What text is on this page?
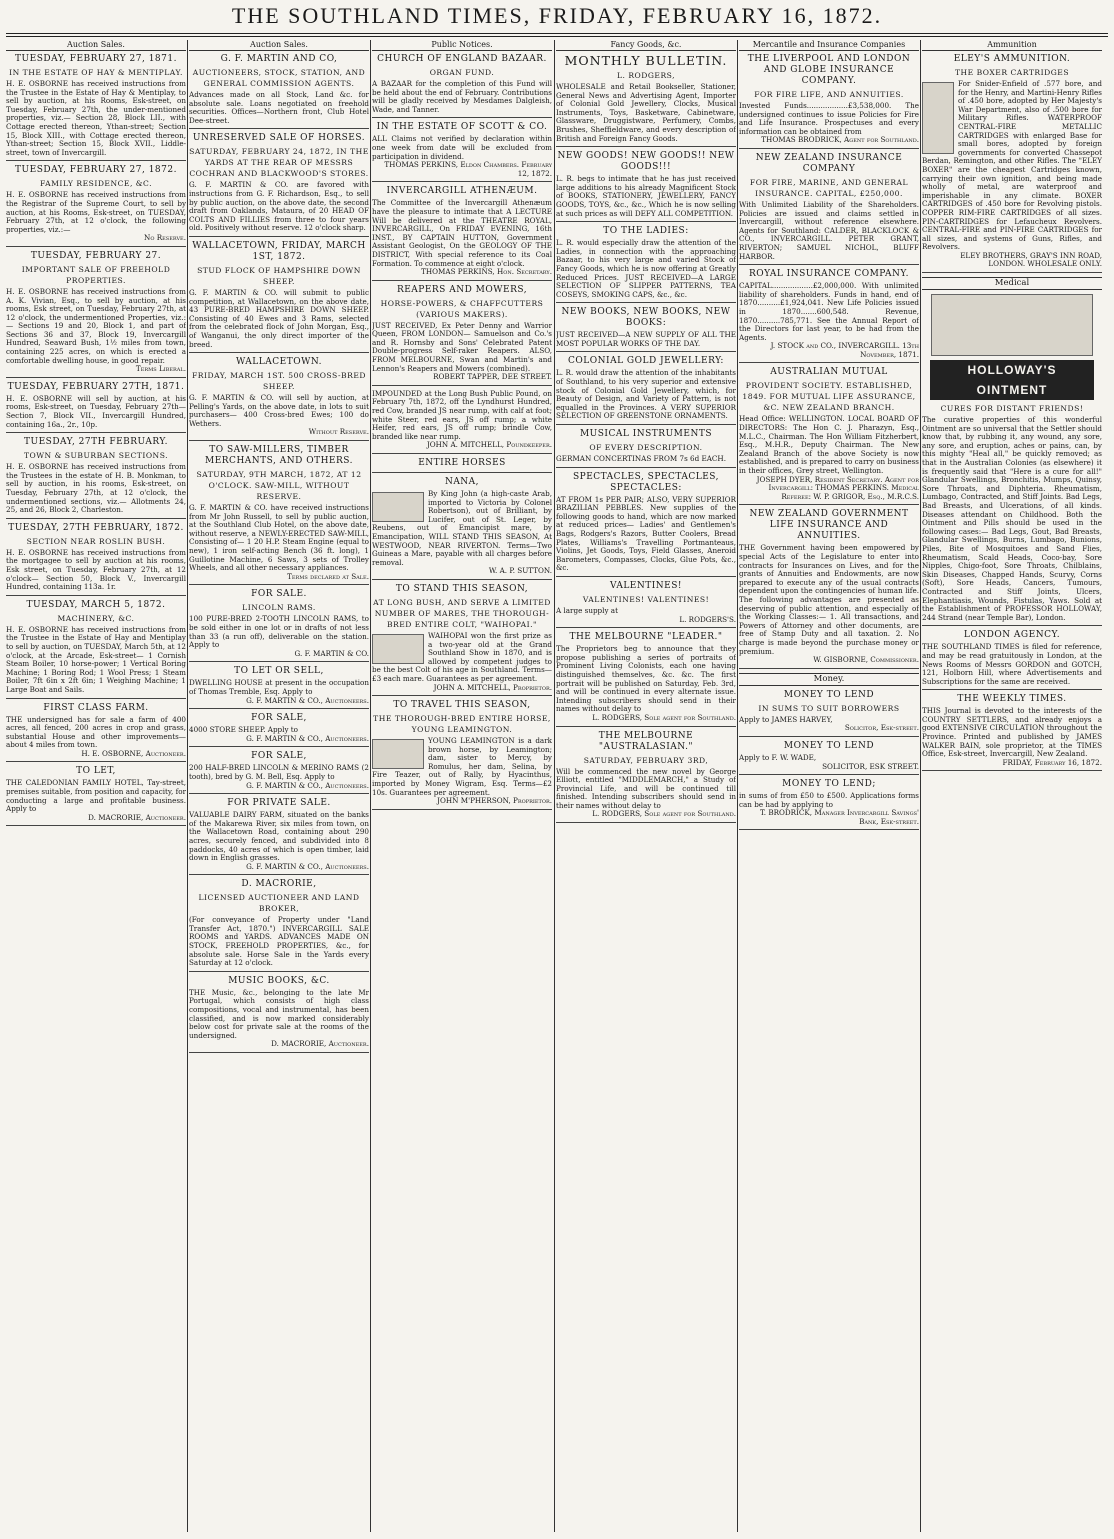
THE SOUTHLAND TIMES, FRIDAY, FEBRUARY 16, 1872.
Auction Sales.
TUESDAY, FEBRUARY 27, 1871.
IN THE ESTATE OF HAY & MENTIPLAY.
H. E. OSBORNE has received instructions from the Trustee in the Estate of Hay & Mentiplay, to sell by auction, at his Rooms, Esk-street, on Tuesday, February 27th, the under-mentioned properties, viz.— Section 28, Block LII., with Cottage erected thereon, Ythan-street; Section 15, Block XIII., with Cottage erected thereon, Ythan-street; Section 15, Block XVII., Liddle-street, town of Invercargill.
TUESDAY, FEBRUARY 27, 1872.
FAMILY RESIDENCE, &C.
H. E. OSBORNE has received instructions from the Registrar of the Supreme Court, to sell by auction, at his Rooms, Esk-street, on TUESDAY, February 27th, at 12 o'clock, the following properties, viz.:—
No Reserve.
TUESDAY, FEBRUARY 27.
IMPORTANT SALE OF FREEHOLD PROPERTIES.
H. E. OSBORNE has received instructions from A. K. Vivian, Esq., to sell by auction, at his rooms, Esk street, on Tuesday, February 27th, at 12 o'clock, the undermentioned Properties, viz.:— Sections 19 and 20, Block 1, and part of Sections 36 and 37, Block 19, Invercargill Hundred, Seaward Bush, 1½ miles from town, containing 225 acres, on which is erected a comfortable dwelling house, in good repair.
Terms Liberal.
TUESDAY, FEBRUARY 27TH, 1871.
H. E. OSBORNE will sell by auction, at his rooms, Esk-street, on Tuesday, February 27th— Section 7, Block VII., Invercargill Hundred, containing 16a., 2r., 10p.
TUESDAY, 27TH FEBRUARY.
TOWN & SUBURBAN SECTIONS.
H. E. OSBORNE has received instructions from the Trustees in the estate of H. B. Monkman, to sell by auction, in his rooms, Esk-street, on Tuesday, February 27th, at 12 o'clock, the undermentioned sections, viz.— Allotments 24, 25, and 26, Block 2, Charleston.
TUESDAY, 27TH FEBRUARY, 1872.
SECTION NEAR ROSLIN BUSH.
H. E. OSBORNE has received instructions from the mortgagee to sell by auction at his rooms, Esk street, on Tuesday, February 27th, at 12 o'clock— Section 50, Block V., Invercargill Hundred, containing 113a. 1r.
TUESDAY, MARCH 5, 1872.
MACHINERY, &C.
H. E. OSBORNE has received instructions from the Trustee in the Estate of Hay and Mentiplay to sell by auction, on TUESDAY, March 5th, at 12 o'clock, at the Arcade, Esk-street— 1 Cornish Steam Boiler, 10 horse-power; 1 Vertical Boring Machine; 1 Boring Rod; 1 Wool Press; 1 Steam Boiler, 7ft 6in x 2ft 6in; 1 Weighing Machine; 1 Large Boat and Sails.
FIRST CLASS FARM.
THE undersigned has for sale a farm of 400 acres, all fenced, 200 acres in crop and grass, substantial House and other improvements—about 4 miles from town.
H. E. OSBORNE, Auctioneer.
TO LET,
THE CALEDONIAN FAMILY HOTEL, Tay-street, premises suitable, from position and capacity, for conducting a large and profitable business. Apply to
D. MACRORIE, Auctioneer.
Auction Sales.
G. F. MARTIN AND CO,
AUCTIONEERS, STOCK, STATION, AND GENERAL COMMISSION AGENTS.
Advances made on all Stock, Land &c. for absolute sale. Loans negotiated on freehold securities. Offices—Northern front, Club Hotel Dee-street.
UNRESERVED SALE OF HORSES.
SATURDAY, FEBRUARY 24, 1872, IN THE YARDS AT THE REAR OF MESSRS COCHRAN AND BLACKWOOD'S STORES.
G. F. MARTIN & CO. are favored with instructions from G. F. Richardson, Esq., to sell by public auction, on the above date, the second draft from Oaklands, Mataura, of 20 HEAD OF COLTS AND FILLIES from three to four years old. Positively without reserve. 12 o'clock sharp.
WALLACETOWN, FRIDAY, MARCH 1ST, 1872.
STUD FLOCK OF HAMPSHIRE DOWN SHEEP.
G. F. MARTIN & CO. will submit to public competition, at Wallacetown, on the above date, 43 PURE-BRED HAMPSHIRE DOWN SHEEP. Consisting of 40 Ewes and 3 Rams, selected from the celebrated flock of John Morgan, Esq., of Wanganui, the only direct importer of the breed.
WALLACETOWN.
FRIDAY, MARCH 1ST. 500 CROSS-BRED SHEEP.
G. F. MARTIN & CO. will sell by auction, at Pelling's Yards, on the above date, in lots to suit purchasers— 400 Cross-bred Ewes; 100 do Wethers.
Without Reserve.
TO SAW-MILLERS, TIMBER MERCHANTS, AND OTHERS.
SATURDAY, 9TH MARCH, 1872, AT 12 O'CLOCK. SAW-MILL, WITHOUT RESERVE.
G. F. MARTIN & CO. have received instructions from Mr John Russell, to sell by public auction, at the Southland Club Hotel, on the above date, without reserve, a NEWLY-ERECTED SAW-MILL, Consisting of— 1 20 H.P. Steam Engine (equal to new), 1 iron self-acting Bench (36 ft. long), 1 Guillotine Machine, 6 Saws, 3 sets of Trolley Wheels, and all other necessary appliances.
Terms declared at Sale.
FOR SALE.
LINCOLN RAMS.
100 PURE-BRED 2-TOOTH LINCOLN RAMS, to be sold either in one lot or in drafts of not less than 33 (a run off), deliverable on the station. Apply to
G. F. MARTIN & CO.
TO LET OR SELL,
DWELLING HOUSE at present in the occupation of Thomas Tremble, Esq. Apply to
G. F. MARTIN & CO., Auctioneers.
FOR SALE,
4000 STORE SHEEP. Apply to
G. F. MARTIN & CO., Auctioneers.
FOR SALE,
200 HALF-BRED LINCOLN & MERINO RAMS (2 tooth), bred by G. M. Bell, Esq. Apply to
G. F. MARTIN & CO., Auctioneers.
FOR PRIVATE SALE.
VALUABLE DAIRY FARM, situated on the banks of the Makarewa River, six miles from town, on the Wallacetown Road, containing about 290 acres, securely fenced, and subdivided into 8 paddocks, 40 acres of which is open timber, laid down in English grasses.
G. F. MARTIN & CO., Auctioneers.
D. MACRORIE,
LICENSED AUCTIONEER AND LAND BROKER,
(For conveyance of Property under "Land Transfer Act, 1870.") INVERCARGILL SALE ROOMS and YARDS. ADVANCES MADE ON STOCK, FREEHOLD PROPERTIES, &c., for absolute sale. Horse Sale in the Yards every Saturday at 12 o'clock.
MUSIC BOOKS, &C.
THE Music, &c., belonging to the late Mr Portugal, which consists of high class compositions, vocal and instrumental, has been classified, and is now marked considerably below cost for private sale at the rooms of the undersigned.
D. MACRORIE, Auctioneer.
Public Notices.
CHURCH OF ENGLAND BAZAAR.
ORGAN FUND.
A BAZAAR for the completion of this Fund will be held about the end of February. Contributions will be gladly received by Mesdames Dalgleish, Wade, and Tanner.
IN THE ESTATE OF SCOTT & CO.
ALL Claims not verified by declaration within one week from date will be excluded from participation in dividend.
THOMAS PERKINS, Eldon Chambers. February 12, 1872.
INVERCARGILL ATHENÆUM.
The Committee of the Invercargill Athenæum have the pleasure to intimate that A LECTURE Will be delivered at the THEATRE ROYAL, INVERCARGILL, On FRIDAY EVENING, 16th INST., BY CAPTAIN HUTTON, Government Assistant Geologist, On the GEOLOGY OF THE DISTRICT, With special reference to its Coal Formation. To commence at eight o'clock.
THOMAS PERKINS, Hon. Secretary.
REAPERS AND MOWERS,
HORSE-POWERS, & CHAFFCUTTERS (VARIOUS MAKERS).
JUST RECEIVED, Ex Peter Denny and Warrior Queen, FROM LONDON— Samuelson and Co.'s and R. Hornsby and Sons' Celebrated Patent Double-progress Self-raker Reapers. ALSO, FROM MELBOURNE, Swan and Martin's and Lennon's Reapers and Mowers (combined).
ROBERT TAPPER, DEE STREET.
IMPOUNDED at the Long Bush Public Pound, on February 7th, 1872, off the Lyndhurst Hundred, red Cow, branded JS near rump, with calf at foot; white Steer, red ears, JS off rump; a white Heifer, red ears, JS off rump; brindle Cow, branded like near rump.
JOHN A. MITCHELL, Poundkeeper.
ENTIRE HORSES
NANA,
By King John (a high-caste Arab, imported to Victoria by Colonel Robertson), out of Brilliant, by Lucifer, out of St. Leger, by Reubens, out of Emancipist mare, by Emancipation, WILL STAND THIS SEASON, At WESTWOOD, NEAR RIVERTON. Terms—Two Guineas a Mare, payable with all charges before removal.
W. A. P. SUTTON.
TO STAND THIS SEASON,
AT LONG BUSH, AND SERVE A LIMITED NUMBER OF MARES, THE THOROUGH-BRED ENTIRE COLT, "WAIHOPAI."
WAIHOPAI won the first prize as a two-year old at the Grand Southland Show in 1870, and is allowed by competent judges to be the best Colt of his age in Southland. Terms—£3 each mare. Guarantees as per agreement.
JOHN A. MITCHELL, Proprietor.
TO TRAVEL THIS SEASON,
THE THOROUGH-BRED ENTIRE HORSE, YOUNG LEAMINGTON.
YOUNG LEAMINGTON is a dark brown horse, by Leamington; dam, sister to Mercy, by Romulus, her dam, Selina, by Fire Teazer, out of Rally, by Hyacinthus, imported by Money Wigram, Esq. Terms—£2 10s. Guarantees per agreement.
JOHN M'PHERSON, Proprietor.
Fancy Goods, &c.
MONTHLY BULLETIN.
L. RODGERS,
WHOLESALE and Retail Bookseller, Stationer, General News and Advertising Agent, Importer of Colonial Gold Jewellery, Clocks, Musical Instruments, Toys, Basketware, Cabinetware, Glassware, Druggistware, Perfumery, Combs, Brushes, Sheffieldware, and every description of British and Foreign Fancy Goods.
NEW GOODS! NEW GOODS!! NEW GOODS!!!
L. R. begs to intimate that he has just received large additions to his already Magnificent Stock of BOOKS, STATIONERY, JEWELLERY, FANCY GOODS, TOYS, &c., &c., Which he is now selling at such prices as will DEFY ALL COMPETITION.
TO THE LADIES:
L. R. would especially draw the attention of the Ladies, in connection with the approaching Bazaar, to his very large and varied Stock of Fancy Goods, which he is now offering at Greatly Reduced Prices. JUST RECEIVED—A LARGE SELECTION OF SLIPPER PATTERNS, TEA COSEYS, SMOKING CAPS, &c., &c.
NEW BOOKS, NEW BOOKS, NEW BOOKS:
JUST RECEIVED—A NEW SUPPLY OF ALL THE MOST POPULAR WORKS OF THE DAY.
COLONIAL GOLD JEWELLERY:
L. R. would draw the attention of the inhabitants of Southland, to his very superior and extensive stock of Colonial Gold Jewellery, which, for Beauty of Design, and Variety of Pattern, is not equalled in the Provinces. A VERY SUPERIOR SELECTION OF GREENSTONE ORNAMENTS.
MUSICAL INSTRUMENTS
OF EVERY DESCRIPTION.
GERMAN CONCERTINAS FROM 7s 6d EACH.
SPECTACLES, SPECTACLES, SPECTACLES:
AT FROM 1s PER PAIR; ALSO, VERY SUPERIOR BRAZILIAN PEBBLES. New supplies of the following goods to hand, which are now marked at reduced prices— Ladies' and Gentlemen's Bags, Rodgers's Razors, Butter Coolers, Bread Plates, Williams's Travelling Portmanteaus, Violins, Jet Goods, Toys, Field Glasses, Aneroid Barometers, Compasses, Clocks, Glue Pots, &c., &c.
VALENTINES!
VALENTINES! VALENTINES!
A large supply at
L. RODGERS'S.
THE MELBOURNE "LEADER."
The Proprietors beg to announce that they propose publishing a series of portraits of Prominent Living Colonists, each one having distinguished themselves, &c. &c. The first portrait will be published on Saturday, Feb. 3rd, and will be continued in every alternate issue. Intending subscribers should send in their names without delay to
L. RODGERS, Sole agent for Southland.
THE MELBOURNE "AUSTRALASIAN."
SATURDAY, FEBRUARY 3RD,
Will be commenced the new novel by George Elliott, entitled "MIDDLEMARCH," a Study of Provincial Life, and will be continued till finished. Intending subscribers should send in their names without delay to
L. RODGERS, Sole agent for Southland.
Mercantile and Insurance Companies
THE LIVERPOOL AND LONDON AND GLOBE INSURANCE COMPANY.
FOR FIRE LIFE, AND ANNUITIES.
Invested Funds..................£3,538,000. The undersigned continues to issue Policies for Fire and Life Insurance. Prospectuses and every information can be obtained from
THOMAS BRODRICK, Agent for Southland.
NEW ZEALAND INSURANCE COMPANY
FOR FIRE, MARINE, AND GENERAL INSURANCE. CAPITAL, £250,000.
With Unlimited Liability of the Shareholders. Policies are issued and claims settled in Invercargill, without reference elsewhere. Agents for Southland: CALDER, BLACKLOCK & CO., INVERCARGILL. PETER GRANT, RIVERTON; SAMUEL NICHOL, BLUFF HARBOR.
ROYAL INSURANCE COMPANY.
CAPITAL..................£2,000,000. With unlimited liability of shareholders. Funds in hand, end of 1870..........£1,924,041. New Life Policies issued in 1870.......600,548. Revenue, 1870..........785,771. See the Annual Report of the Directors for last year, to be had from the Agents.
J. STOCK and CO., INVERCARGILL. 13th November, 1871.
AUSTRALIAN MUTUAL
PROVIDENT SOCIETY. ESTABLISHED, 1849. FOR MUTUAL LIFE ASSURANCE, &C. NEW ZEALAND BRANCH.
Head Office: WELLINGTON. LOCAL BOARD OF DIRECTORS: The Hon C. J. Pharazyn, Esq., M.L.C., Chairman. The Hon William Fitzherbert, Esq., M.H.R., Deputy Chairman. The New Zealand Branch of the above Society is now established, and is prepared to carry on business in their offices, Grey street, Wellington.
JOSEPH DYER, Resident Secretary. Agent for Invercargill: THOMAS PERKINS. Medical Referee: W. P. GRIGOR, Esq., M.R.C.S.
NEW ZEALAND GOVERNMENT LIFE INSURANCE AND ANNUITIES.
THE Government having been empowered by special Acts of the Legislature to enter into contracts for Insurances on Lives, and for the grants of Annuities and Endowments, are now prepared to execute any of the usual contracts dependent upon the contingencies of human life. The following advantages are presented as deserving of public attention, and especially of the Working Classes:— 1. All transactions, and Powers of Attorney and other documents, are free of Stamp Duty and all taxation. 2. No charge is made beyond the purchase money or premium.
W. GISBORNE, Commissioner.
Money.
MONEY TO LEND
IN SUMS TO SUIT BORROWERS
Apply to JAMES HARVEY,
Solicitor, Esk-street.
MONEY TO LEND
Apply to F. W. WADE,
SOLICITOR, ESK STREET.
MONEY TO LEND;
in sums of from £50 to £500. Applications forms can be had by applying to
T. BRODRICK, Manager Invercargill Savings' Bank, Esk-street.
Ammunition
ELEY'S AMMUNITION.
THE BOXER CARTRIDGES
For Snider-Enfield of .577 bore, and for the Henry, and Martini-Henry Rifles of .450 bore, adopted by Her Majesty's War Department, also of .500 bore for Military Rifles. WATERPROOF CENTRAL-FIRE METALLIC CARTRIDGES with enlarged Base for small bores, adopted by foreign governments for converted Chassepot Berdan, Remington, and other Rifles. The "ELEY BOXER" are the cheapest Cartridges known, carrying their own ignition, and being made wholly of metal, are waterproof and imperishable in any climate. BOXER CARTRIDGES of .450 bore for Revolving pistols. COPPER RIM-FIRE CARTRIDGES of all sizes. PIN-CARTRIDGES for Lefaucheux Revolvers. CENTRAL-FIRE and PIN-FIRE CARTRIDGES for all sizes, and systems of Guns, Rifles, and Revolvers.
ELEY BROTHERS, GRAY'S INN ROAD, LONDON. WHOLESALE ONLY.
Medical
HOLLOWAY'S OINTMENT
CURES FOR DISTANT FRIENDS!
The curative properties of this wonderful Ointment are so universal that the Settler should know that, by rubbing it, any wound, any sore, any sore, and eruption, aches or pains, can, by this mighty "Heal all," be quickly removed; as that in the Australian Colonies (as elsewhere) it is frequently said that "Here is a cure for all!" Glandular Swellings, Bronchitis, Mumps, Quinsy, Sore Throats, and Diphteria. Rheumatism, Lumbago, Contracted, and Stiff Joints. Bad Legs, Bad Breasts, and Ulcerations, of all kinds. Diseases attendant on Childhood. Both the Ointment and Pills should be used in the following cases:— Bad Legs, Gout, Bad Breasts, Glandular Swellings, Burns, Lumbago, Bunions, Piles, Bite of Mosquitoes and Sand Flies, Rheumatism, Scald Heads, Coco-bay, Sore Nipples, Chigo-foot, Sore Throats, Chilblains, Skin Diseases, Chapped Hands, Scurvy, Corns (Soft), Sore Heads, Cancers, Tumours, Contracted and Stiff Joints, Ulcers, Elephantiasis, Wounds, Fistulas, Yaws. Sold at the Establishment of PROFESSOR HOLLOWAY, 244 Strand (near Temple Bar), London.
LONDON AGENCY.
THE SOUTHLAND TIMES is filed for reference, and may be read gratuitously in London, at the News Rooms of Messrs GORDON and GOTCH, 121, Holborn Hill, where Advertisements and Subscriptions for the same are received.
THE WEEKLY TIMES.
THIS Journal is devoted to the interests of the COUNTRY SETTLERS, and already enjoys a good EXTENSIVE CIRCULATION throughout the Province. Printed and published by JAMES WALKER BAIN, sole proprietor, at the TIMES Office, Esk-street, Invercargill, New Zealand.
FRIDAY, February 16, 1872.
